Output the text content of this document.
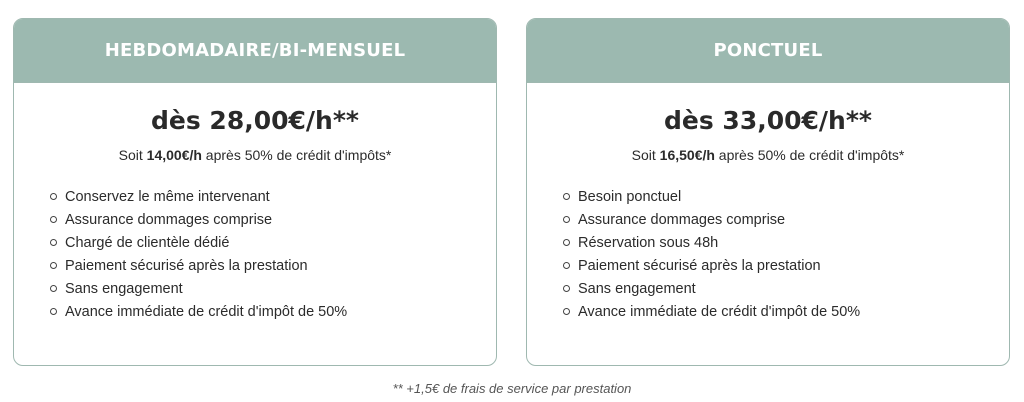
HEBDOMADAIRE/BI-MENSUEL
dès 28,00€/h**
Soit 14,00€/h après 50% de crédit d'impôts*
Conservez le même intervenant
Assurance dommages comprise
Chargé de clientèle dédié
Paiement sécurisé après la prestation
Sans engagement
Avance immédiate de crédit d'impôt de 50%
PONCTUEL
dès 33,00€/h**
Soit 16,50€/h après 50% de crédit d'impôts*
Besoin ponctuel
Assurance dommages comprise
Réservation sous 48h
Paiement sécurisé après la prestation
Sans engagement
Avance immédiate de crédit d'impôt de 50%
** +1,5€ de frais de service par prestation
